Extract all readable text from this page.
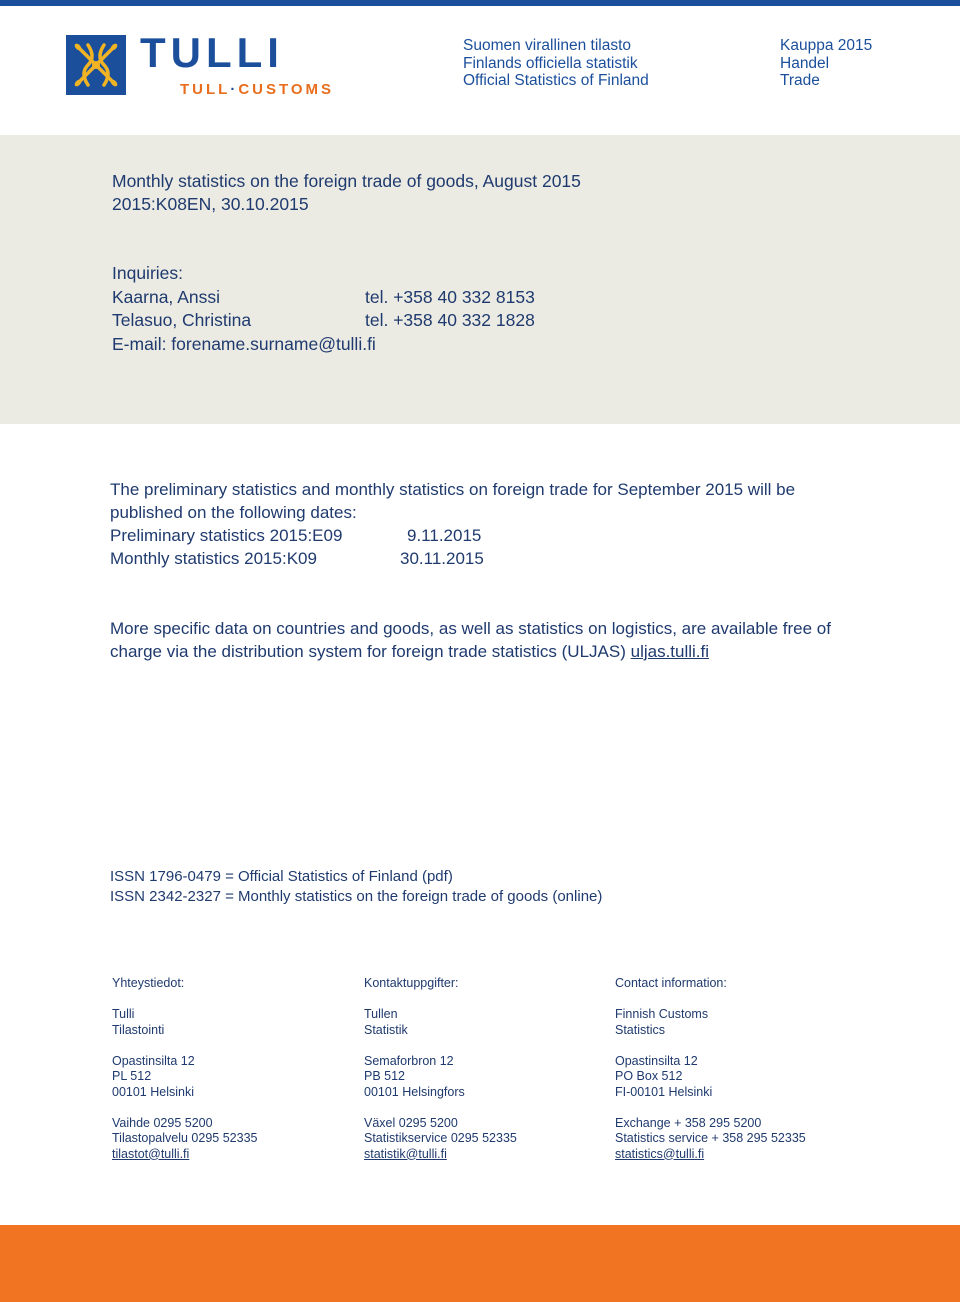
TULLI
TULL·CUSTOMS
Suomen virallinen tilasto
Finlands officiella statistik
Official Statistics of Finland
Kauppa 2015
Handel
Trade
Monthly statistics on the foreign trade of goods, August 2015
2015:K08EN, 30.10.2015
Inquiries:
Kaarna, Anssi	tel. +358 40 332 8153
Telasuo, Christina	tel. +358 40 332 1828
E-mail: forename.surname@tulli.fi
The preliminary statistics and monthly statistics on foreign trade for September 2015 will be published on the following dates:
Preliminary statistics 2015:E09	9.11.2015
Monthly statistics 2015:K09	30.11.2015
More specific data on countries and goods, as well as statistics on logistics, are available free of charge via the distribution system for foreign trade statistics (ULJAS) uljas.tulli.fi
ISSN 1796-0479 = Official Statistics of Finland (pdf)
ISSN 2342-2327 = Monthly statistics on the foreign trade of goods (online)
Yhteystiedot:
Tulli
Tilastointi
Opastinsilta 12
PL 512
00101 Helsinki
Vaihde 0295 5200
Tilastopalvelu 0295 52335
tilastot@tulli.fi
Kontaktuppgifter:
Tullen
Statistik
Semaforbron 12
PB 512
00101 Helsingfors
Växel 0295 5200
Statistikservice 0295 52335
statistik@tulli.fi
Contact information:
Finnish Customs
Statistics
Opastinsilta 12
PO Box 512
FI-00101 Helsinki
Exchange + 358 295 5200
Statistics service + 358 295 52335
statistics@tulli.fi
